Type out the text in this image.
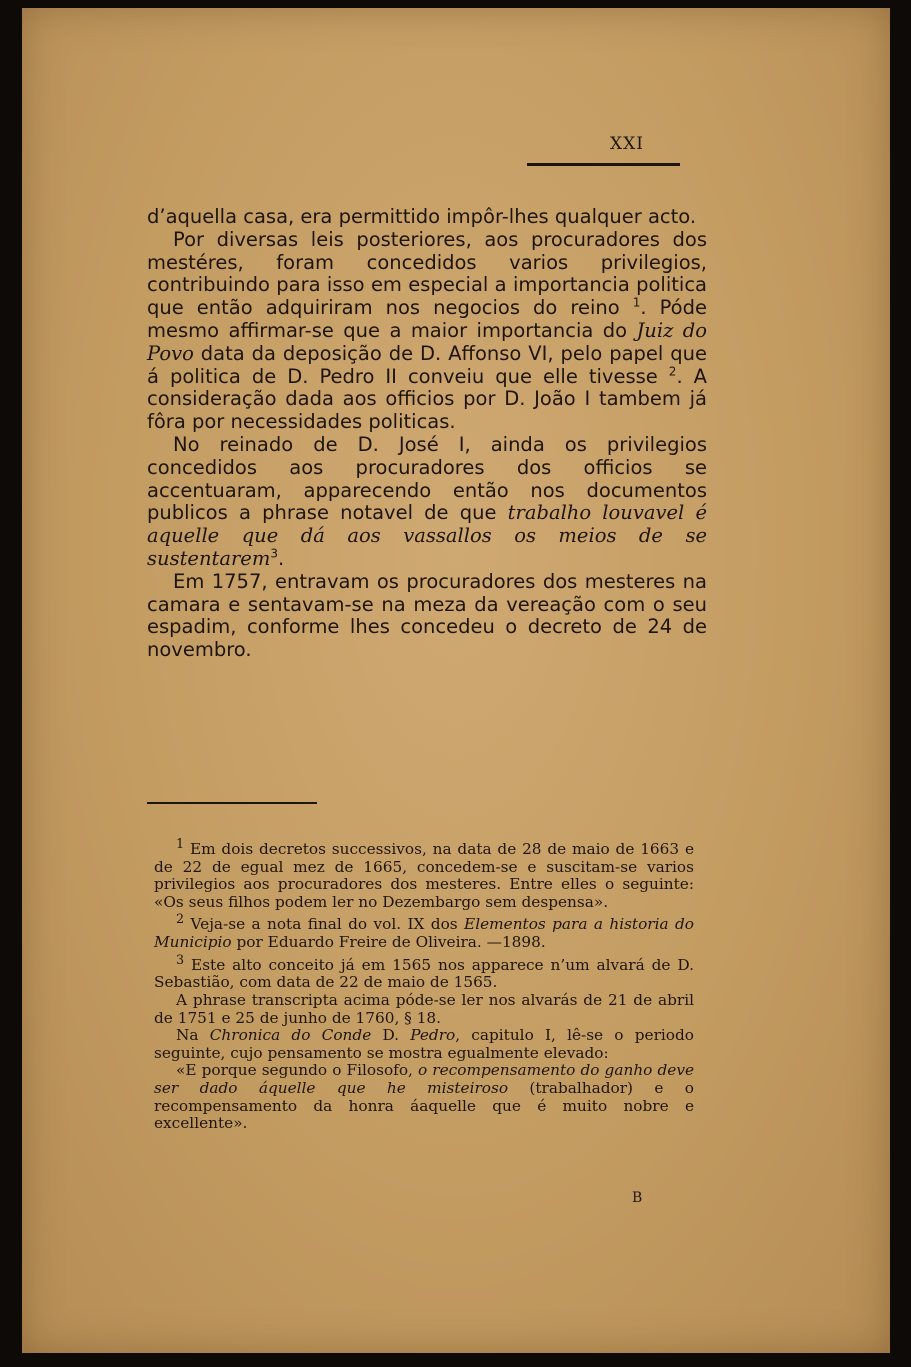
XXI

d’aquella casa, era permittido impôr-lhes qualquer acto.

Por diversas leis posteriores, aos procuradores dos mestéres, foram concedidos varios privilegios, contribuindo para isso em especial a importancia politica que então adquiriram nos negocios do reino $^1$. Póde mesmo affirmar-se que a maior importancia do Juiz do Povo data da deposição de D. Affonso VI, pelo papel que á politica de D. Pedro II conveiu que elle tivesse $^2$. A consideração dada aos officios por D. João I tambem já fôra por necessidades politicas.

No reinado de D. José I, ainda os privilegios concedidos aos procuradores dos officios se accentuaram, apparecendo então nos documentos publicos a phrase notavel de que trabalho louvavel é aquelle que dá aos vassallos os meios de se sustentarem$^3$.

Em 1757, entravam os procuradores dos mesteres na camara e sentavam-se na meza da vereação com o seu espadim, conforme lhes concedeu o decreto de 24 de novembro.

$^1$ Em dois decretos successivos, na data de 28 de maio de 1663 e de 22 de egual mez de 1665, concedem-se e suscitam-se varios privilegios aos procuradores dos mesteres. Entre elles o seguinte: «Os seus filhos podem ler no Dezembargo sem despensa».

$^2$ Veja-se a nota final do vol. IX dos Elementos para a historia do Municipio por Eduardo Freire de Oliveira. —1898.

$^3$ Este alto conceito já em 1565 nos apparece n’um alvará de D. Sebastião, com data de 22 de maio de 1565.

A phrase transcripta acima póde-se ler nos alvarás de 21 de abril de 1751 e 25 de junho de 1760, § 18.

Na Chronica do Conde D. Pedro, capitulo I, lê-se o periodo seguinte, cujo pensamento se mostra egualmente elevado:

«E porque segundo o Filosofo, o recompensamento do ganho deve ser dado áquelle que he misteiroso (trabalhador) e o recompensamento da honra áaquelle que é muito nobre e excellente».

B
